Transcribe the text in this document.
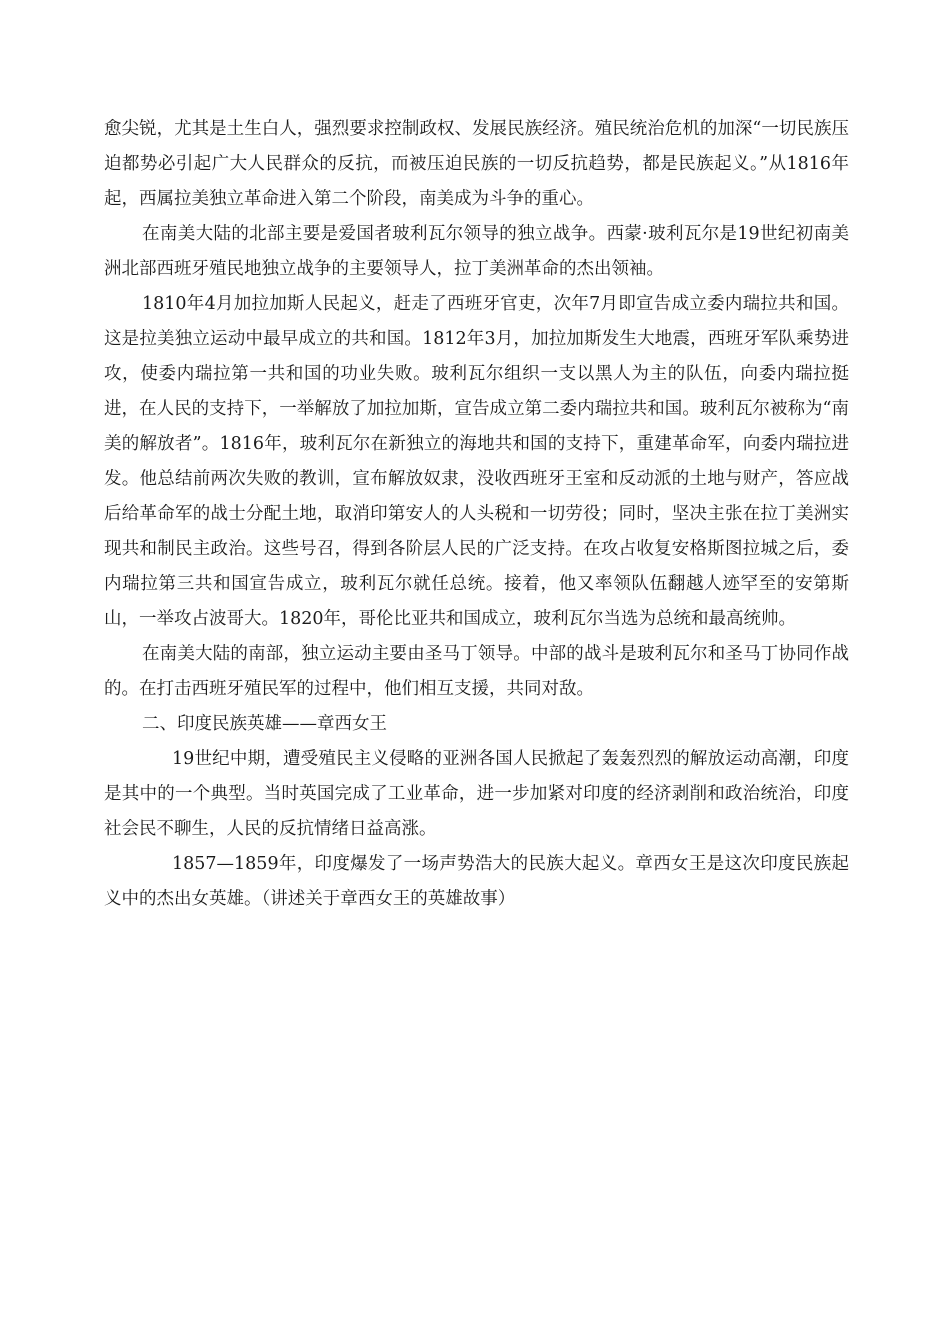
愈尖锐，尤其是土生白人，强烈要求控制政权、发展民族经济。殖民统治危机的加深“一切民族压迫都势必引起广大人民群众的反抗，而被压迫民族的一切反抗趋势，都是民族起义。”从1816年起，西属拉美独立革命进入第二个阶段，南美成为斗争的重心。

在南美大陆的北部主要是爱国者玻利瓦尔领导的独立战争。西蒙·玻利瓦尔是19世纪初南美洲北部西班牙殖民地独立战争的主要领导人，拉丁美洲革命的杰出领袖。

1810年4月加拉加斯人民起义，赶走了西班牙官吏，次年7月即宣告成立委内瑞拉共和国。这是拉美独立运动中最早成立的共和国。1812年3月，加拉加斯发生大地震，西班牙军队乘势进攻，使委内瑞拉第一共和国的功业失败。玻利瓦尔组织一支以黑人为主的队伍，向委内瑞拉挺进，在人民的支持下，一举解放了加拉加斯，宣告成立第二委内瑞拉共和国。玻利瓦尔被称为“南美的解放者”。1816年，玻利瓦尔在新独立的海地共和国的支持下，重建革命军，向委内瑞拉进发。他总结前两次失败的教训，宣布解放奴隶，没收西班牙王室和反动派的土地与财产，答应战后给革命军的战士分配土地，取消印第安人的人头税和一切劳役；同时，坚决主张在拉丁美洲实现共和制民主政治。这些号召，得到各阶层人民的广泛支持。在攻占收复安格斯图拉城之后，委内瑞拉第三共和国宣告成立，玻利瓦尔就任总统。接着，他又率领队伍翻越人迹罕至的安第斯山，一举攻占波哥大。1820年，哥伦比亚共和国成立，玻利瓦尔当选为总统和最高统帅。

在南美大陆的南部，独立运动主要由圣马丁领导。中部的战斗是玻利瓦尔和圣马丁协同作战的。在打击西班牙殖民军的过程中，他们相互支援，共同对敌。

二、印度民族英雄——章西女王

19世纪中期，遭受殖民主义侵略的亚洲各国人民掀起了轰轰烈烈的解放运动高潮，印度是其中的一个典型。当时英国完成了工业革命，进一步加紧对印度的经济剥削和政治统治，印度社会民不聊生，人民的反抗情绪日益高涨。

1857—1859年，印度爆发了一场声势浩大的民族大起义。章西女王是这次印度民族起义中的杰出女英雄。（讲述关于章西女王的英雄故事）
